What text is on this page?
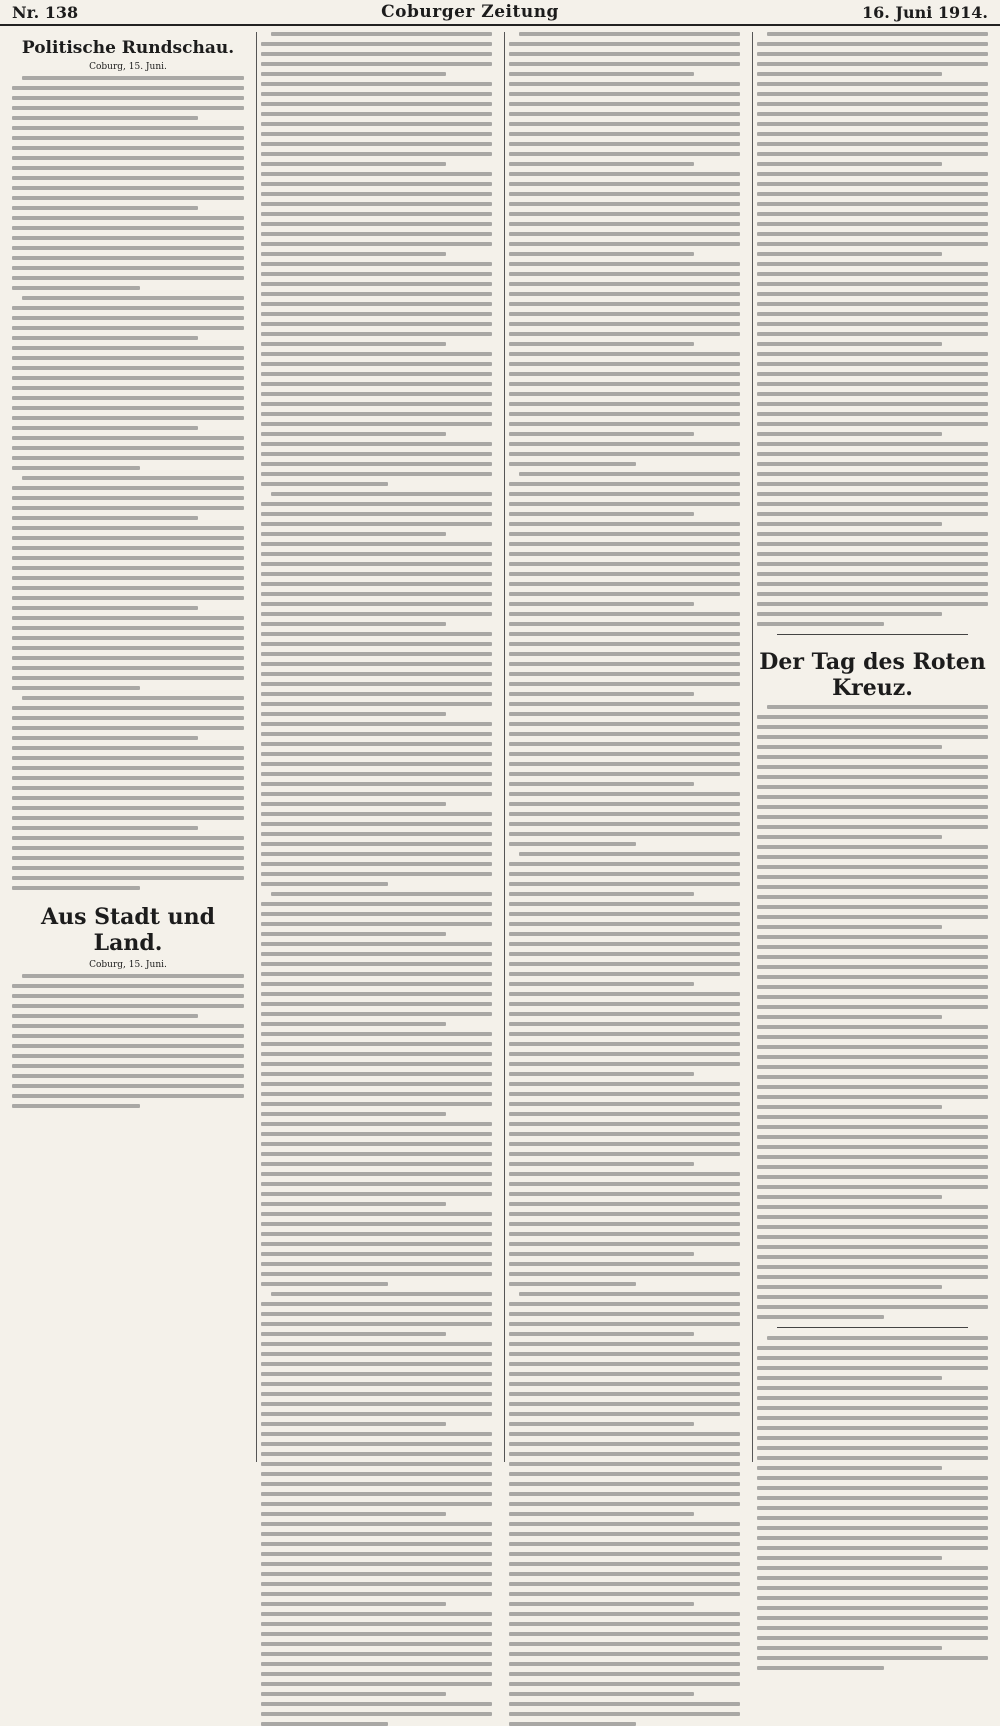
Nr. 138	Coburger Zeitung	16. Juni 1914.
Politische Rundschau.
Coburg, 15. Juni.
Aus Stadt und Land.
Coburg, 15. Juni.
Der Tag des Roten Kreuz.
